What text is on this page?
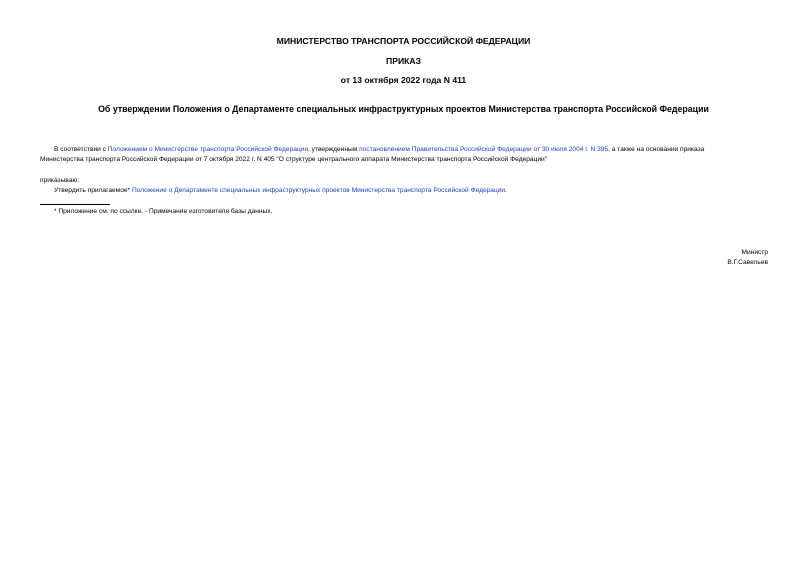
МИНИСТЕРСТВО ТРАНСПОРТА РОССИЙСКОЙ ФЕДЕРАЦИИ
ПРИКАЗ
от 13 октября 2022 года N 411
Об утверждении Положения о Департаменте специальных инфраструктурных проектов Министерства транспорта Российской Федерации
В соответствии с Положением о Министерстве транспорта Российской Федерации, утвержденным постановлением Правительства Российской Федерации от 30 июля 2004 г. N 395, а также на основании приказа
Министерства транспорта Российской Федерации от 7 октября 2022 г. N 405 "О структуре центрального аппарата Министерства транспорта Российской Федерации"
приказываю:
Утвердить прилагаемое* Положение о Департаменте специальных инфраструктурных проектов Министерства транспорта Российской Федерации.
* Приложение см. по ссылке. - Примечание изготовителя базы данных.
Министр
В.Г.Савельев
